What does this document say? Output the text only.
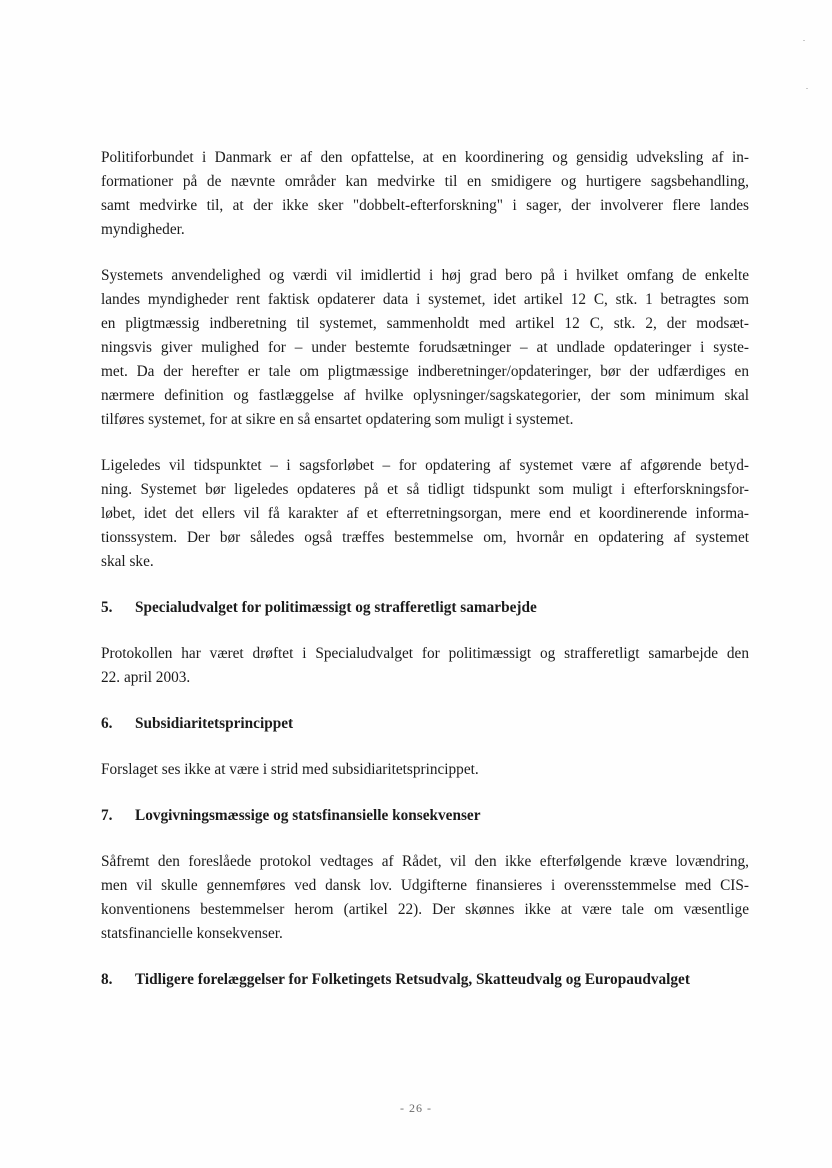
Politiforbundet i Danmark er af den opfattelse, at en koordinering og gensidig udveksling af in-
formationer på de nævnte områder kan medvirke til en smidigere og hurtigere sagsbehandling,
samt medvirke til, at der ikke sker "dobbelt-efterforskning" i sager, der involverer flere landes
myndigheder.

Systemets anvendelighed og værdi vil imidlertid i høj grad bero på i hvilket omfang de enkelte
landes myndigheder rent faktisk opdaterer data i systemet, idet artikel 12 C, stk. 1 betragtes som
en pligtmæssig indberetning til systemet, sammenholdt med artikel 12 C, stk. 2, der modsæt-
ningsvis giver mulighed for – under bestemte forudsætninger – at undlade opdateringer i syste-
met. Da der herefter er tale om pligtmæssige indberetninger/opdateringer, bør der udfærdiges en
nærmere definition og fastlæggelse af hvilke oplysninger/sagskategorier, der som minimum skal
tilføres systemet, for at sikre en så ensartet opdatering som muligt i systemet.

Ligeledes vil tidspunktet – i sagsforløbet – for opdatering af systemet være af afgørende betyd-
ning. Systemet bør ligeledes opdateres på et så tidligt tidspunkt som muligt i efterforskningsfor-
løbet, idet det ellers vil få karakter af et efterretningsorgan, mere end et koordinerende informa-
tionssystem. Der bør således også træffes bestemmelse om, hvornår en opdatering af systemet
skal ske.

5.	Specialudvalget for politimæssigt og strafferetligt samarbejde

Protokollen har været drøftet i Specialudvalget for politimæssigt og strafferetligt samarbejde den
22. april 2003.

6.	Subsidiaritetsprincippet

Forslaget ses ikke at være i strid med subsidiaritetsprincippet.

7.	Lovgivningsmæssige og statsfinansielle konsekvenser

Såfremt den foreslåede protokol vedtages af Rådet, vil den ikke efterfølgende kræve lovændring,
men vil skulle gennemføres ved dansk lov. Udgifterne finansieres i overensstemmelse med CIS-
konventionens bestemmelser herom (artikel 22). Der skønnes ikke at være tale om væsentlige
statsfinancielle konsekvenser.

8.	Tidligere forelæggelser for Folketingets Retsudvalg, Skatteudvalg og Europaudvalget
- 26 -
